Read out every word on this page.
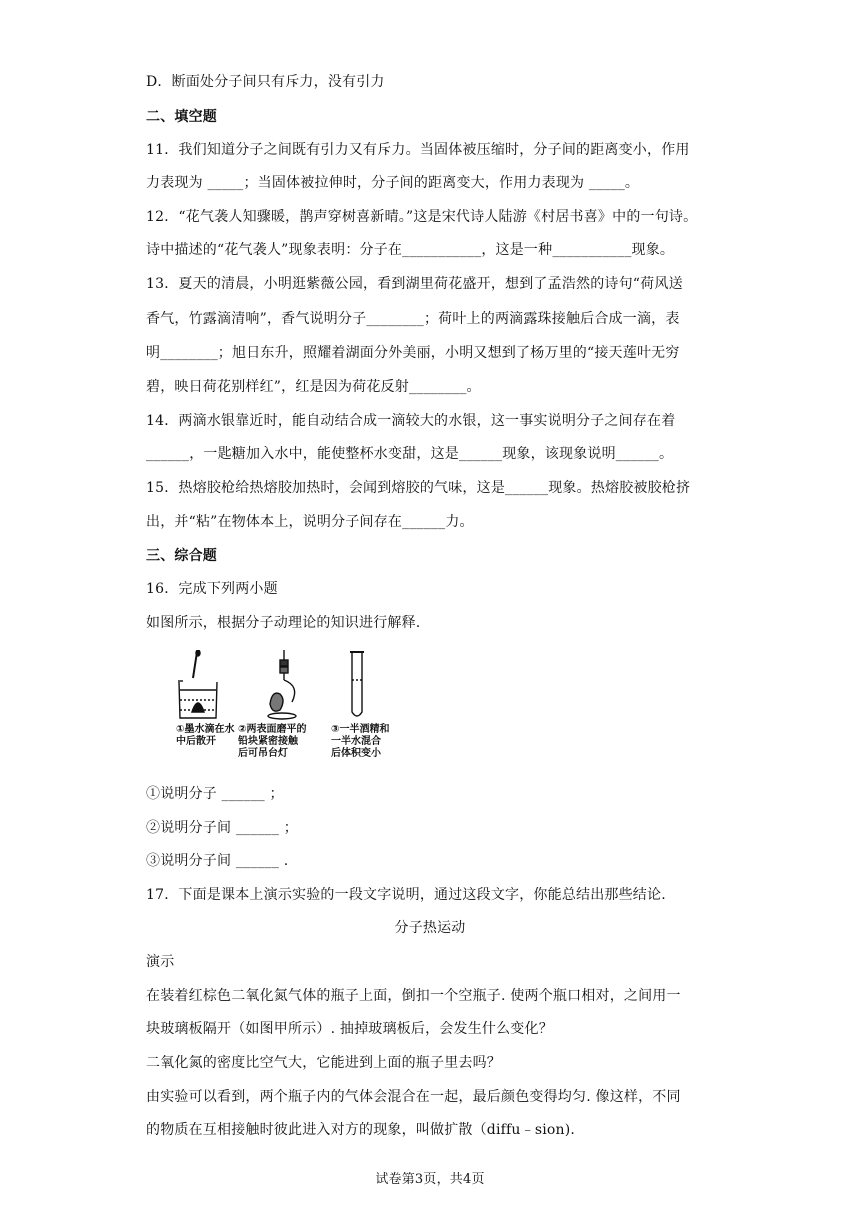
D．断面处分子间只有斥力，没有引力
二、填空题
11．我们知道分子之间既有引力又有斥力。当固体被压缩时，分子间的距离变小，作用
力表现为 _____；当固体被拉伸时，分子间的距离变大，作用力表现为 _____。
12．“花气袭人知骤暖，鹊声穿树喜新晴。”这是宋代诗人陆游《村居书喜》中的一句诗。
诗中描述的“花气袭人”现象表明：分子在___________，这是一种___________现象。
13．夏天的清晨，小明逛紫薇公园，看到湖里荷花盛开，想到了孟浩然的诗句“荷风送
香气，竹露滴清响”，香气说明分子________；荷叶上的两滴露珠接触后合成一滴，表
明________；旭日东升，照耀着湖面分外美丽，小明又想到了杨万里的“接天莲叶无穷
碧，映日荷花别样红”，红是因为荷花反射________。
14．两滴水银靠近时，能自动结合成一滴较大的水银，这一事实说明分子之间存在着
______，一匙糖加入水中，能使整杯水变甜，这是______现象，该现象说明______。
15．热熔胶枪给热熔胶加热时，会闻到熔胶的气味，这是______现象。热熔胶被胶枪挤
出，并“粘”在物体本上，说明分子间存在______力。
三、综合题
16．完成下列两小题
如图所示，根据分子动理论的知识进行解释.
①墨水滴在水
中后散开
②两表面磨平的
铅块紧密接触
后可吊台灯
③一半酒精和
一半水混合
后体积变小
①说明分子 ______ ；
②说明分子间 ______ ；
③说明分子间 ______ .
17．下面是课本上演示实验的一段文字说明，通过这段文字，你能总结出那些结论.
分子热运动
演示
在装着红棕色二氧化氮气体的瓶子上面，倒扣一个空瓶子. 使两个瓶口相对，之间用一
块玻璃板隔开（如图甲所示）. 抽掉玻璃板后，会发生什么变化？
二氧化氮的密度比空气大，它能进到上面的瓶子里去吗？
由实验可以看到，两个瓶子内的气体会混合在一起，最后颜色变得均匀. 像这样，不同
的物质在互相接触时彼此进入对方的现象，叫做扩散（diffu﹣sion).
试卷第3页，共4页
